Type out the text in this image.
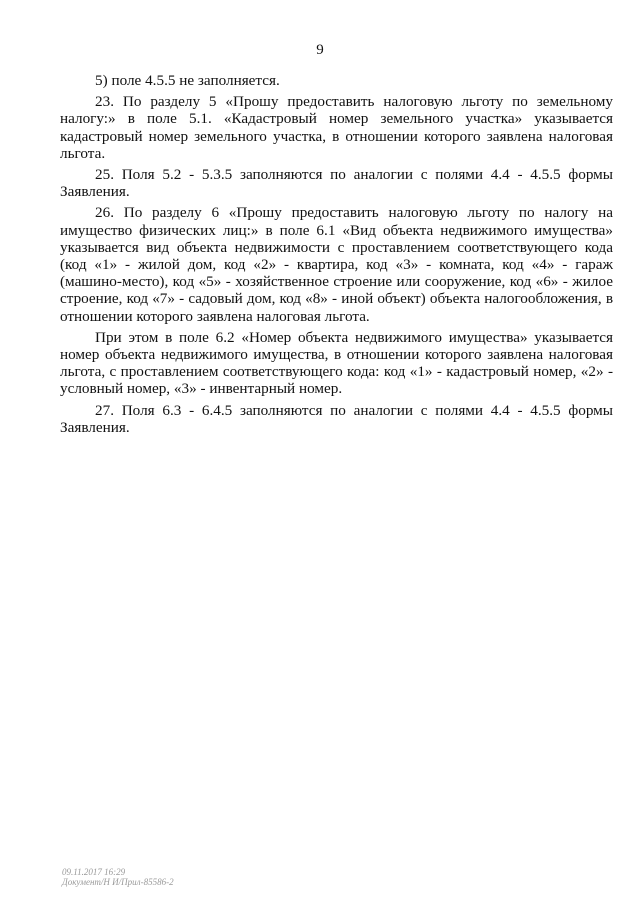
9

5) поле 4.5.5 не заполняется.

23. По разделу 5 «Прошу предоставить налоговую льготу по земельному налогу:» в поле 5.1. «Кадастровый номер земельного участка» указывается кадастровый номер земельного участка, в отношении которого заявлена налоговая льгота.

25. Поля 5.2 - 5.3.5 заполняются по аналогии с полями 4.4 - 4.5.5 формы Заявления.

26. По разделу 6 «Прошу предоставить налоговую льготу по налогу на имущество физических лиц:» в поле 6.1 «Вид объекта недвижимого имущества» указывается вид объекта недвижимости с проставлением соответствующего кода (код «1» - жилой дом, код «2» - квартира, код «3» - комната, код «4» - гараж (машино-место), код «5» - хозяйственное строение или сооружение, код «6» - жилое строение, код «7» - садовый дом, код «8» - иной объект) объекта налогообложения, в отношении которого заявлена налоговая льгота.

При этом в поле 6.2 «Номер объекта недвижимого имущества» указывается номер объекта недвижимого имущества, в отношении которого заявлена налоговая льгота, с проставлением соответствующего кода: код «1» - кадастровый номер, «2» - условный номер, «3» - инвентарный номер.

27. Поля 6.3 - 6.4.5 заполняются по аналогии с полями 4.4 - 4.5.5 формы Заявления.

09.11.2017 16:29
Документ/Н И/Прил-85586-2
